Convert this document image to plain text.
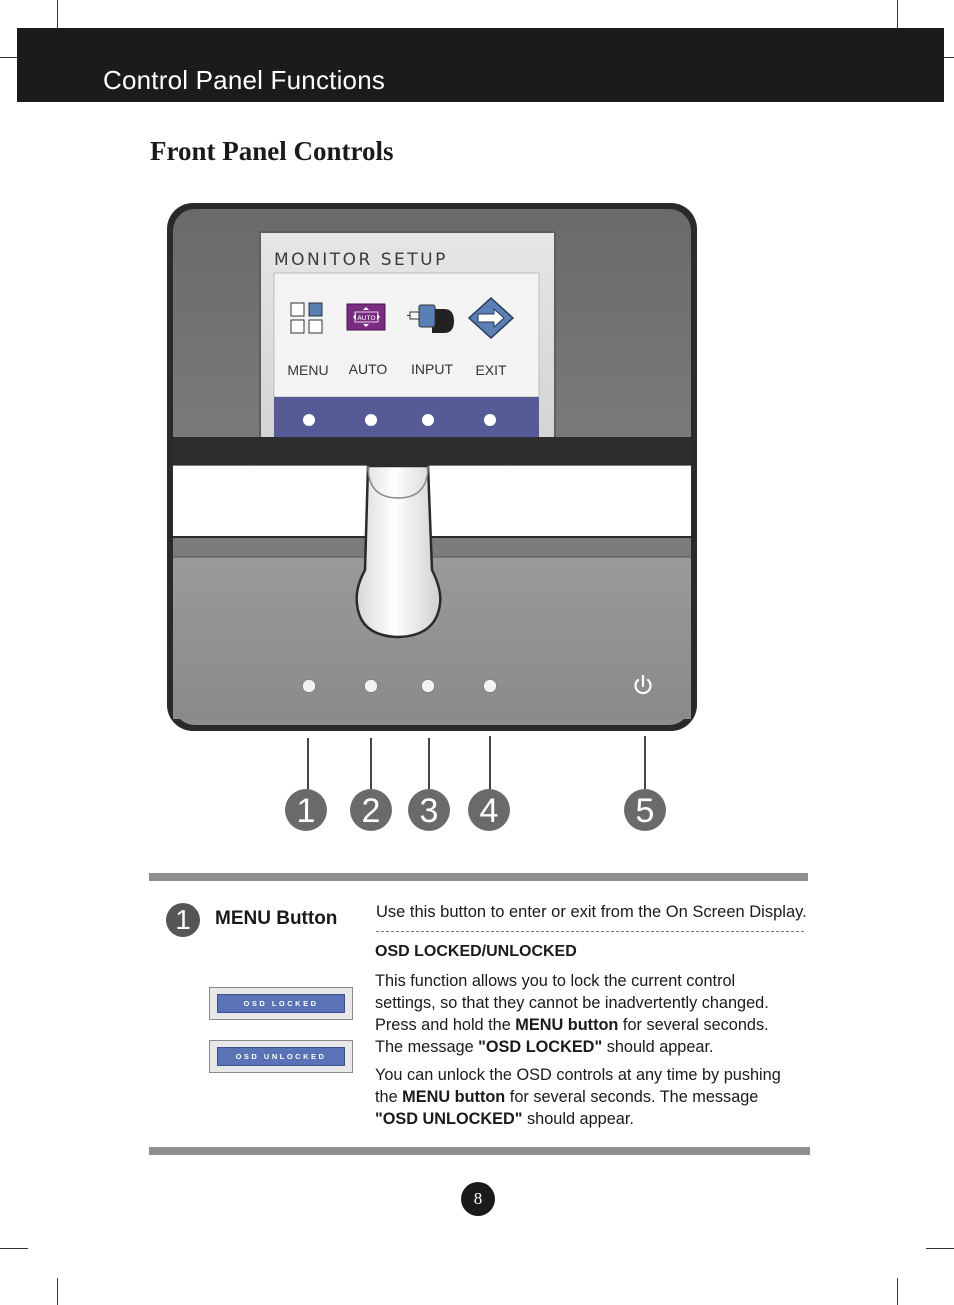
Control Panel Functions
Front Panel Controls
MONITOR SETUP
AUTO
MENU AUTO INPUT EXIT
1 2 3 4	5
1	MENU Button Use this button to enter or exit from the On Screen Display.
OSD LOCKED/UNLOCKED
This function allows you to lock the current control
settings, so that they cannot be inadvertently changed.
Press and hold the MENU button for several seconds.
The message "OSD LOCKED" should appear.
You can unlock the OSD controls at any time by pushing
the MENU button for several seconds. The message
"OSD UNLOCKED" should appear.
OSD LOCKED
OSD UNLOCKED
8
